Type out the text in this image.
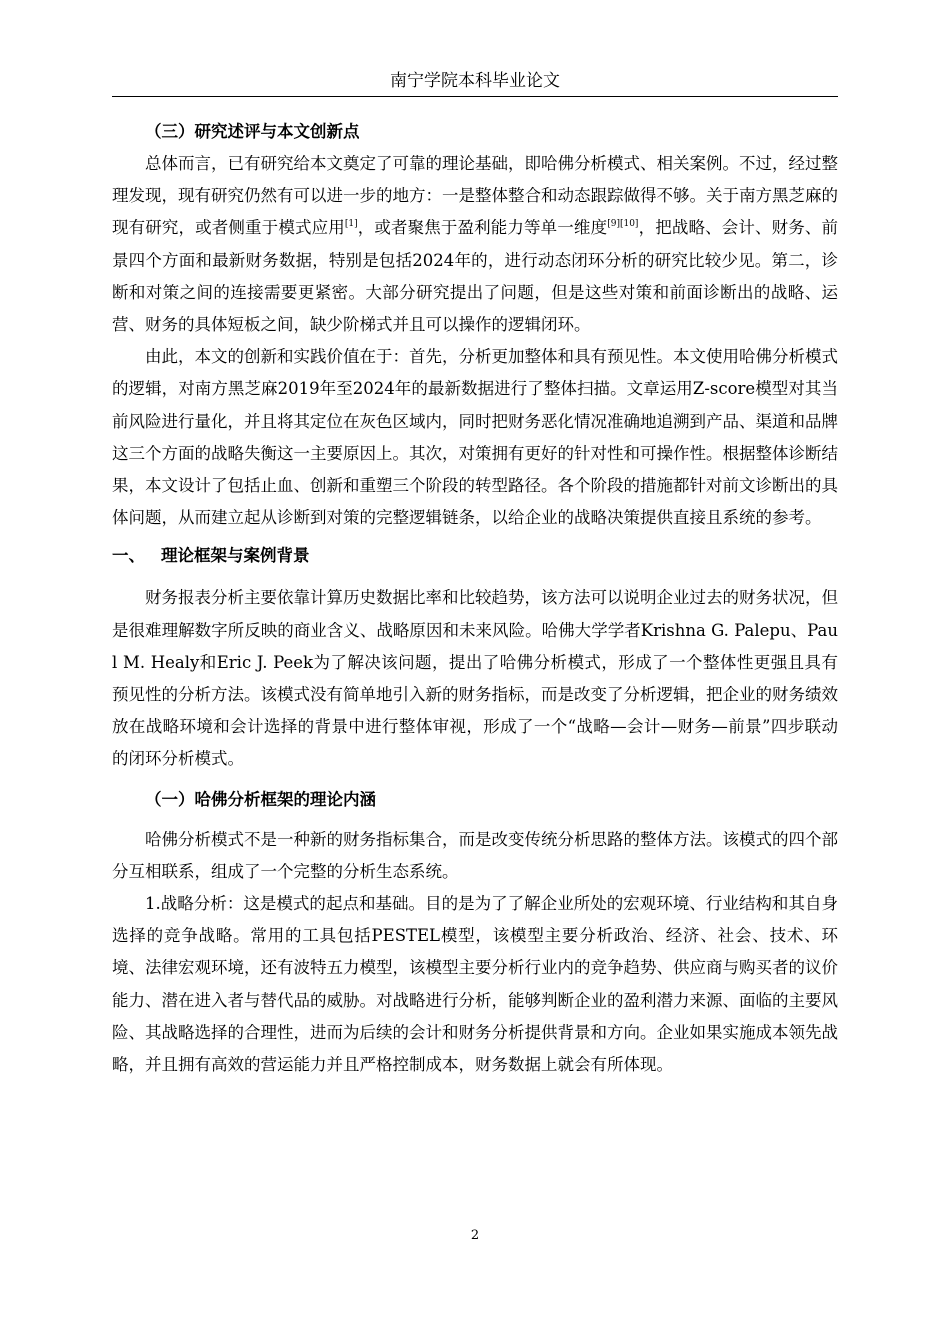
南宁学院本科毕业论文

（三）研究述评与本文创新点

总体而言，已有研究给本文奠定了可靠的理论基础，即哈佛分析模式、相关案例。不过，经过整理发现，现有研究仍然有可以进一步的地方：一是整体整合和动态跟踪做得不够。关于南方黑芝麻的现有研究，或者侧重于模式应用[1]，或者聚焦于盈利能力等单一维度[9][10]，把战略、会计、财务、前景四个方面和最新财务数据，特别是包括2024年的，进行动态闭环分析的研究比较少见。第二，诊断和对策之间的连接需要更紧密。大部分研究提出了问题，但是这些对策和前面诊断出的战略、运营、财务的具体短板之间，缺少阶梯式并且可以操作的逻辑闭环。

由此，本文的创新和实践价值在于：首先，分析更加整体和具有预见性。本文使用哈佛分析模式的逻辑，对南方黑芝麻2019年至2024年的最新数据进行了整体扫描。文章运用Z-score模型对其当前风险进行量化，并且将其定位在灰色区域内，同时把财务恶化情况准确地追溯到产品、渠道和品牌这三个方面的战略失衡这一主要原因上。其次，对策拥有更好的针对性和可操作性。根据整体诊断结果，本文设计了包括止血、创新和重塑三个阶段的转型路径。各个阶段的措施都针对前文诊断出的具体问题，从而建立起从诊断到对策的完整逻辑链条，以给企业的战略决策提供直接且系统的参考。

一、 理论框架与案例背景

财务报表分析主要依靠计算历史数据比率和比较趋势，该方法可以说明企业过去的财务状况，但是很难理解数字所反映的商业含义、战略原因和未来风险。哈佛大学学者Krishna G. Palepu、Paul M. Healy和Eric J. Peek为了解决该问题，提出了哈佛分析模式，形成了一个整体性更强且具有预见性的分析方法。该模式没有简单地引入新的财务指标，而是改变了分析逻辑，把企业的财务绩效放在战略环境和会计选择的背景中进行整体审视，形成了一个“战略—会计—财务—前景”四步联动的闭环分析模式。

（一）哈佛分析框架的理论内涵

哈佛分析模式不是一种新的财务指标集合，而是改变传统分析思路的整体方法。该模式的四个部分互相联系，组成了一个完整的分析生态系统。

1.战略分析：这是模式的起点和基础。目的是为了了解企业所处的宏观环境、行业结构和其自身选择的竞争战略。常用的工具包括PESTEL模型，该模型主要分析政治、经济、社会、技术、环境、法律宏观环境，还有波特五力模型，该模型主要分析行业内的竞争趋势、供应商与购买者的议价能力、潜在进入者与替代品的威胁。对战略进行分析，能够判断企业的盈利潜力来源、面临的主要风险、其战略选择的合理性，进而为后续的会计和财务分析提供背景和方向。企业如果实施成本领先战略，并且拥有高效的营运能力并且严格控制成本，财务数据上就会有所体现。

2
